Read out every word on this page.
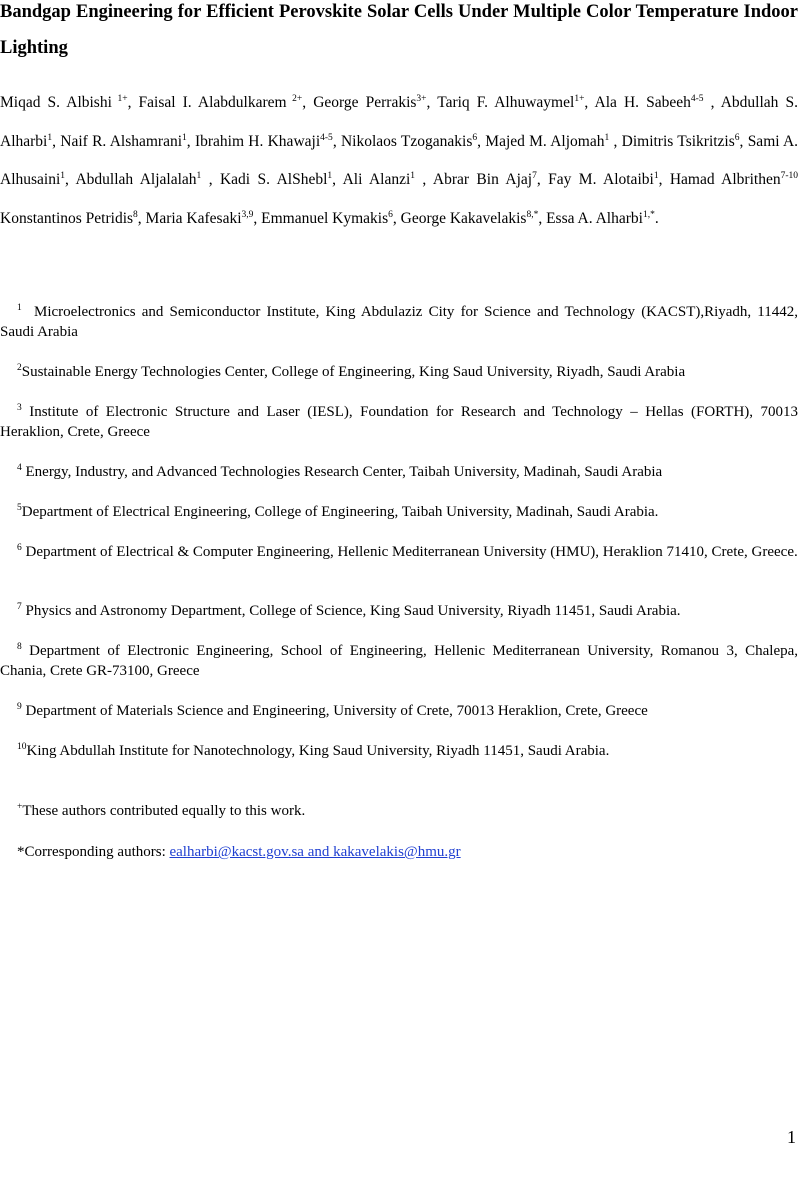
Bandgap Engineering for Efficient Perovskite Solar Cells Under Multiple Color Temperature Indoor Lighting
Miqad S. Albishi $^{1+}$, Faisal I. Alabdulkarem $^{2+}$, George Perrakis$^{3+}$, Tariq F. Alhuwaymel$^{1+}$, Ala H. Sabeeh$^{4-5}$ , Abdullah S. Alharbi$^1$, Naif R. Alshamrani$^1$, Ibrahim H. Khawaji$^{4-5}$, Nikolaos Tzoganakis$^6$, Majed M. Aljomah$^1$ , Dimitris Tsikritzis$^6$, Sami A. Alhusaini$^1$, Abdullah Aljalalah$^1$ , Kadi S. AlShebl$^1$, Ali Alanzi$^1$ , Abrar Bin Ajaj$^7$, Fay M. Alotaibi$^1$, Hamad Albrithen$^{7-10}$ Konstantinos Petridis$^8$, Maria Kafesaki$^{3,9}$, Emmanuel Kymakis$^6$, George Kakavelakis$^{8,*}$, Essa A. Alharbi$^{1,*}$.
$^1$ Microelectronics and Semiconductor Institute, King Abdulaziz City for Science and Technology (KACST),Riyadh, 11442, Saudi Arabia
$^2$Sustainable Energy Technologies Center, College of Engineering, King Saud University, Riyadh, Saudi Arabia
$^3$ Institute of Electronic Structure and Laser (IESL), Foundation for Research and Technology – Hellas (FORTH), 70013 Heraklion, Crete, Greece
$^4$ Energy, Industry, and Advanced Technologies Research Center, Taibah University, Madinah, Saudi Arabia
$^5$Department of Electrical Engineering, College of Engineering, Taibah University, Madinah, Saudi Arabia.
$^6$ Department of Electrical & Computer Engineering, Hellenic Mediterranean University (HMU), Heraklion 71410, Crete, Greece.
$^7$ Physics and Astronomy Department, College of Science, King Saud University, Riyadh 11451, Saudi Arabia.
$^8$ Department of Electronic Engineering, School of Engineering, Hellenic Mediterranean University, Romanou 3, Chalepa, Chania, Crete GR-73100, Greece
$^9$ Department of Materials Science and Engineering, University of Crete, 70013 Heraklion, Crete, Greece
$^{10}$King Abdullah Institute for Nanotechnology, King Saud University, Riyadh 11451, Saudi Arabia.
+These authors contributed equally to this work.
*Corresponding authors: ealharbi@kacst.gov.sa and kakavelakis@hmu.gr
1
